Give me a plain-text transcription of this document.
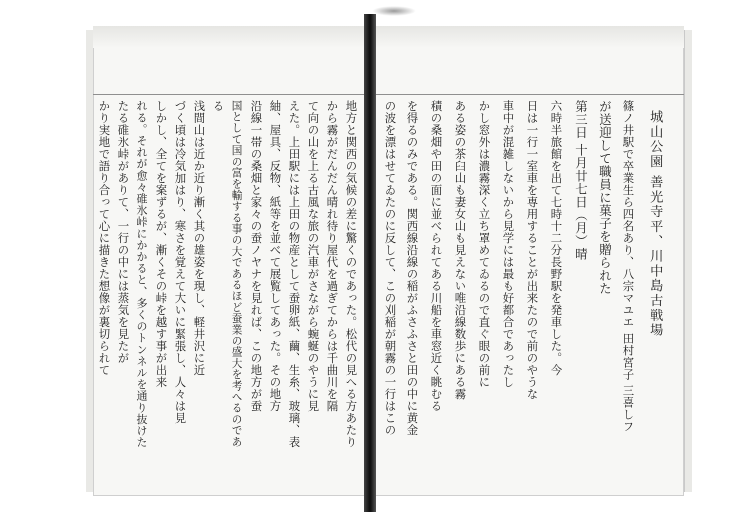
城山公園 善光寺平、川中島古戦場
篠ノ井駅で卒業生ら四名あり、八宗マユエ 田村宮子 三喜しフ
が送迎して職員に菓子を贈られた
第三日 十月廿七日（月）晴
六時半旅館を出て七時十二分長野駅を発車した。今
日は一行一室車を専用することが出来たので前のやうな
車中が混雑しないから見学には最も好都合であったし
かし窓外は濃霧深く立ち罩めてゐるので直ぐ眼の前に
ある姿の茶臼山も妻女山も見えない唯沿線数歩にある霧
積の桑畑や田の面に並べられてある川船を車窓近く眺むる
を得るのみである。関西線沿線の稲がふさふさと田の中に黄金
の波を漂はせてゐたのに反して、この刈稲が朝霧の一行はこの
地方と関西の気候の差に驚くのであった。松代の見へる方あたり
から霧がだんだん晴れ待り屋代を過ぎてからは千曲川を隔
て向の山を上る古風な旅の汽車がさながら蜿蜒のやうに見
えた。上田駅には上田の物産として蚕卵紙、繭、生糸、玻璃、表
紬、屋具、反物、紙等を並べて展覧してあった。その地方
沿線一帯の桑畑と家々の蚕ノヤナを見れば、この地方が蚕
国として国の富を輸する事の大であるほど蚕業の盛大を考へるのであ
る
浅間山は近か近り漸く其の雄姿を現し、軽井沢に近
づく頃は冷気加はり、寒さを覚えて大いに緊張し、人々は見
しかし、全てを案ずるが、漸くその峠を越す事が出来
れる。それが愈々碓氷峠にかかると、多くのトンネルを通り抜けた
たる碓氷峠がありて、一行の中には蒸気を見たが
かり実地で語り合って心に描きた想像が裏切られて
